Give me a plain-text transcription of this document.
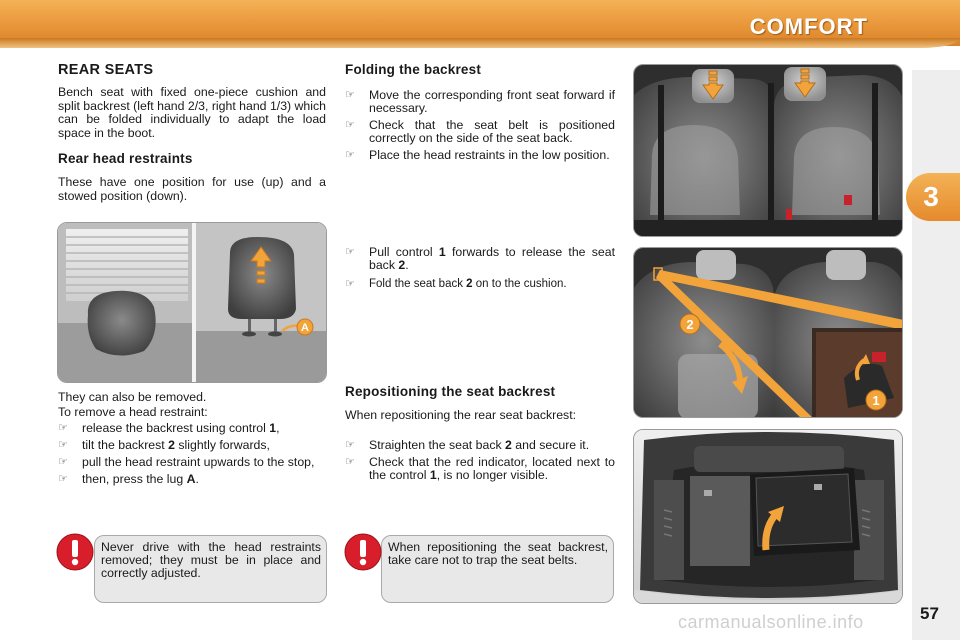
COMFORT
3
REAR SEATS
Bench seat with fixed one-piece cushion and split backrest (left hand 2/3, right hand 1/3) which can be folded individually to adapt the load space in the boot.
Rear head restraints
These have one position for use (up) and a stowed position (down).
A
They can also be removed.
To remove a head restraint:
☞ release the backrest using control 1,
☞ tilt the backrest 2 slightly forwards,
☞ pull the head restraint upwards to the stop,
☞ then, press the lug A.
Never drive with the head restraints removed; they must be in place and correctly adjusted.
Folding the backrest
☞ Move the corresponding front seat forward if necessary.
☞ Check that the seat belt is positioned correctly on the side of the seat back.
☞ Place the head restraints in the low position.
☞ Pull control 1 forwards to release the seat back 2.
☞ Fold the seat back 2 on to the cushion.
Repositioning the seat backrest
When repositioning the rear seat backrest:
☞ Straighten the seat back 2 and secure it.
☞ Check that the red indicator, located next to the control 1, is no longer visible.
When repositioning the seat backrest, take care not to trap the seat belts.
2
1
57
carmanualsonline.info
